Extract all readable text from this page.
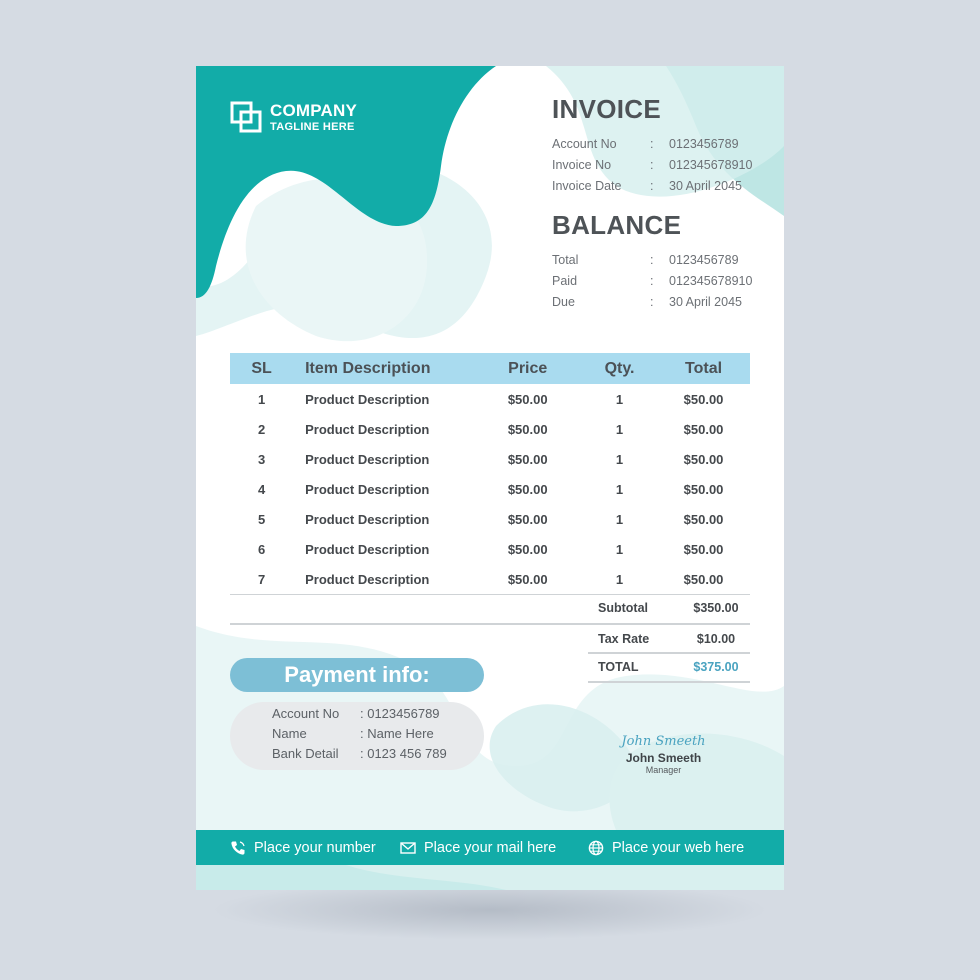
COMPANY
TAGLINE HERE
INVOICE
Account No	:	0123456789
Invoice No	:	01234567891​0
Invoice Date	:	30 April 2045
BALANCE
Total	:	0123456789
Paid	:	012345678910
Due	:	30 April 2045
SL	Item Description	Price	Qty.	Total
1	Product Description	$50.00	1	$50.00
2	Product Description	$50.00	1	$50.00
3	Product Description	$50.00	1	$50.00
4	Product Description	$50.00	1	$50.00
5	Product Description	$50.00	1	$50.00
6	Product Description	$50.00	1	$50.00
7	Product Description	$50.00	1	$50.00
Subtotal	$350.00
Tax Rate	$10.00
TOTAL	$375.00
Payment info:
Account No	: 0123456789
Name	: Name Here
Bank Detail	: 0123 456 789
John Smeeth
John Smeeth
Manager
Place your number	Place your mail here	Place your web here
